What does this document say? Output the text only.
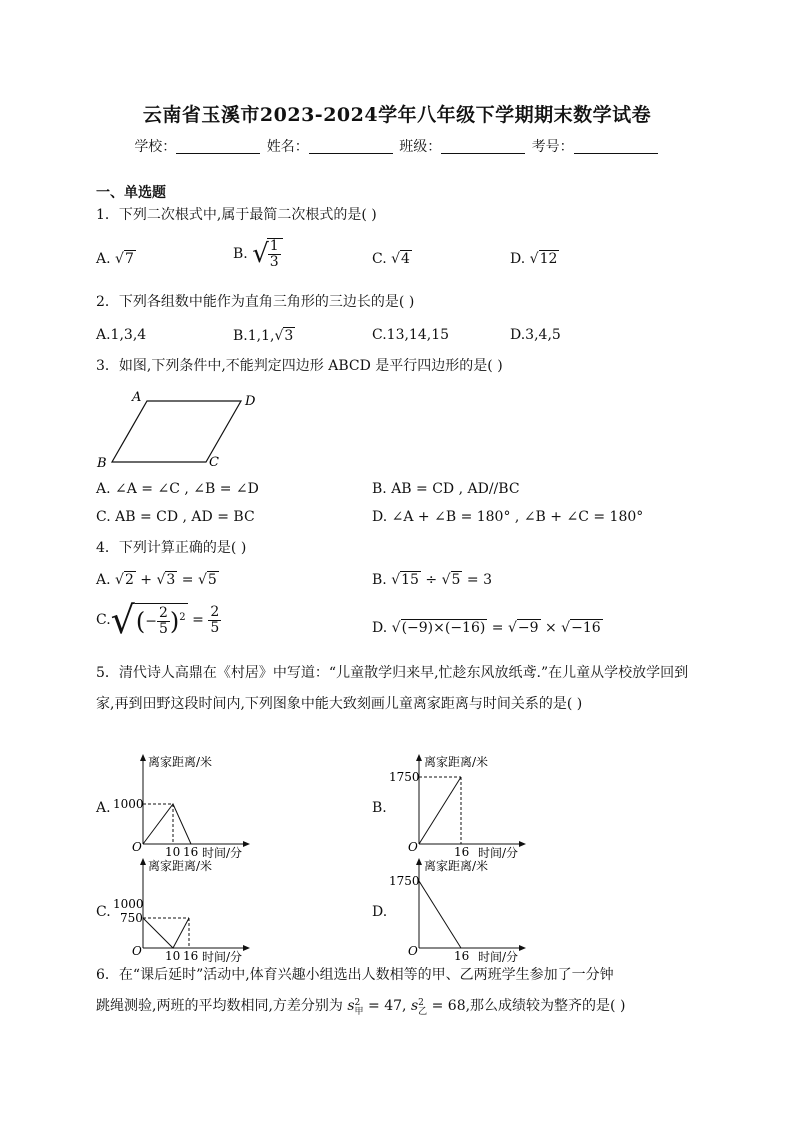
云南省玉溪市2023-2024学年八年级下学期期末数学试卷
学校：	姓名：	班级：	考号：
一、单选题
1．下列二次根式中,属于最简二次根式的是( )
A. √7	B. √
$\frac{1}{3}$	C. √4	D. √12
2．下列各组数中能作为直角三角形的三边长的是( )
A.1,3,4	B.1,1,√3	C.13,14,15	D.3,4,5
3．如图,下列条件中,不能判定四边形 ABCD 是平行四边形的是( )
A	D
B	C
A. ∠A = ∠C , ∠B = ∠D	B. AB = CD , AD//BC
C. AB = CD , AD = BC	D. ∠A + ∠B = 180° , ∠B + ∠C = 180°
4．下列计算正确的是( )
A. √2 + √3 = √5	B. √15 ÷ √5 = 3
$C.√(- \frac{2}{5} )^2 = \frac{2}{5}$	D. √(−9)×(−16) = √−9 × √−16
5．清代诗人高鼎在《村居》中写道：“儿童散学归来早,忙趁东风放纸鸢.”在儿童从学校放学回到家,再到田野这段时间内,下列图象中能大致刻画儿童离家距离与时间关系的是( )
A.
离家距离/米
1000
O 10 16 时间/分
B.
离家距离/米
1750
O	16 时间/分
C.
离家距离/米
1000
750
O 10 16 时间/分
D.
离家距离/米
1750
O	16 时间/分
6．在“课后延时”活动中,体育兴趣小组选出人数相等的甲、乙两班学生参加了一分钟
跳绳测验,两班的平均数相同,方差分别为 s 2
甲 = 47, s 2
乙 = 68,那么成绩较为整齐的是( )
